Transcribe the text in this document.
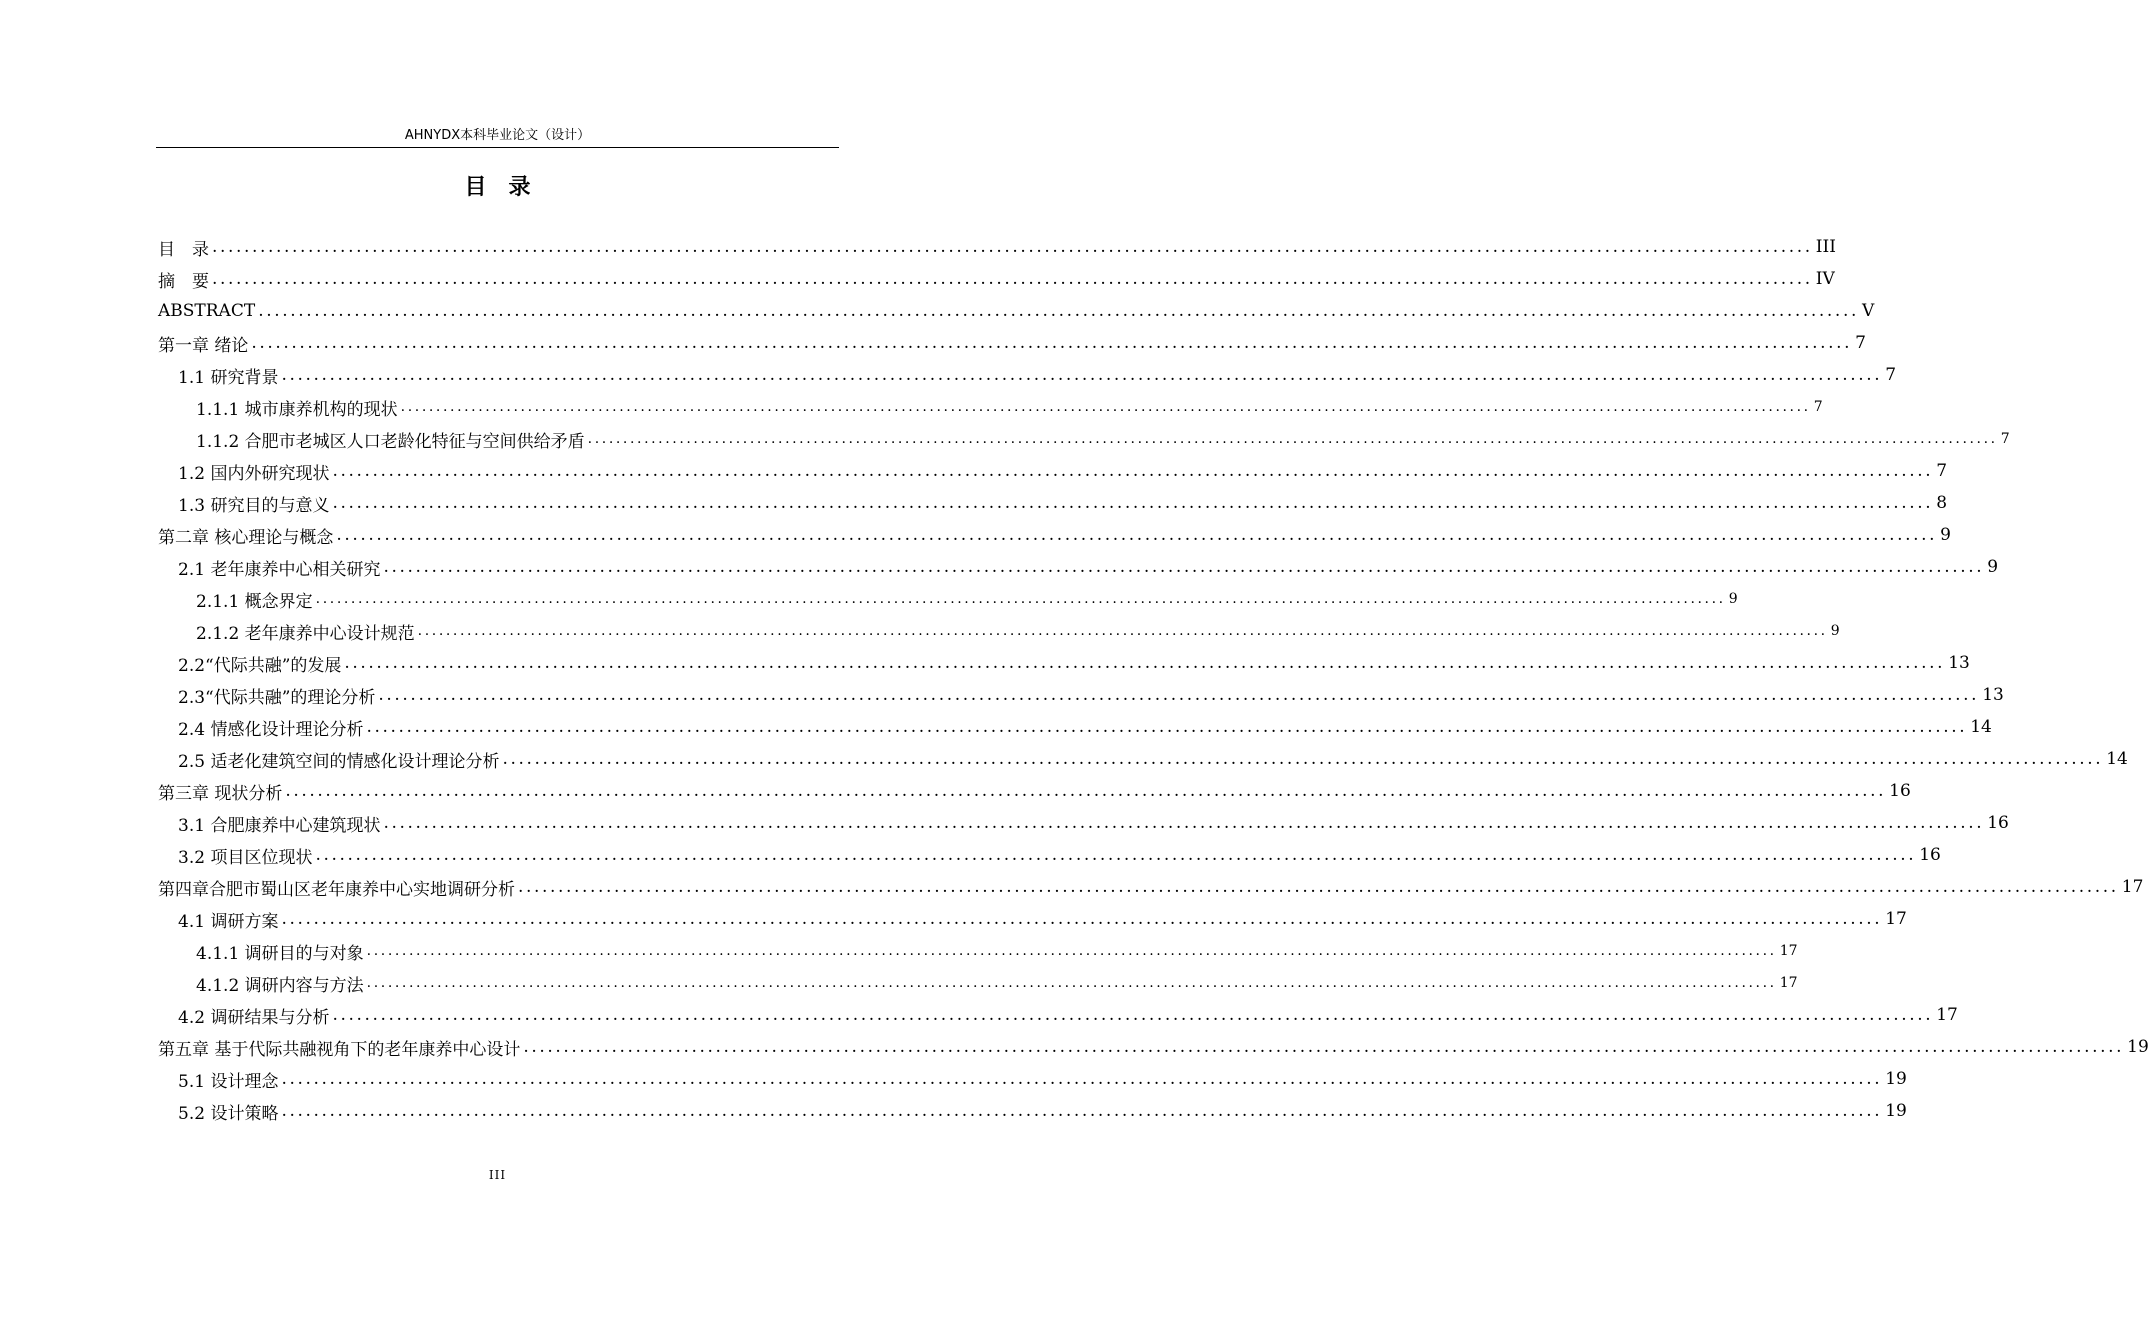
AHNYDX本科毕业论文（设计）
目　录
目　录 ........................................................................................................................................................................................................ III
摘　要 ........................................................................................................................................................................................................ IV
ABSTRACT ........................................................................................................................................................................................................ V
第一章 绪论 ........................................................................................................................................................................................................ 7
1.1 研究背景 ........................................................................................................................................................................................................ 7
1.1.1 城市康养机构的现状 ........................................................................................................................................................................................................ 7
1.1.2 合肥市老城区人口老龄化特征与空间供给矛盾 ........................................................................................................................................................................................................ 7
1.2 国内外研究现状 ........................................................................................................................................................................................................ 7
1.3 研究目的与意义 ........................................................................................................................................................................................................ 8
第二章 核心理论与概念 ........................................................................................................................................................................................................ 9
2.1 老年康养中心相关研究 ........................................................................................................................................................................................................ 9
2.1.1 概念界定 ........................................................................................................................................................................................................ 9
2.1.2 老年康养中心设计规范 ........................................................................................................................................................................................................ 9
2.2“代际共融”的发展 ........................................................................................................................................................................................................ 13
2.3“代际共融”的理论分析 ........................................................................................................................................................................................................ 13
2.4 情感化设计理论分析 ........................................................................................................................................................................................................ 14
2.5 适老化建筑空间的情感化设计理论分析 ........................................................................................................................................................................................................ 14
第三章 现状分析 ........................................................................................................................................................................................................ 16
3.1 合肥康养中心建筑现状 ........................................................................................................................................................................................................ 16
3.2 项目区位现状 ........................................................................................................................................................................................................ 16
第四章合肥市蜀山区老年康养中心实地调研分析 ........................................................................................................................................................................................................ 17
4.1 调研方案 ........................................................................................................................................................................................................ 17
4.1.1 调研目的与对象 ........................................................................................................................................................................................................ 17
4.1.2 调研内容与方法 ........................................................................................................................................................................................................ 17
4.2 调研结果与分析 ........................................................................................................................................................................................................ 17
第五章 基于代际共融视角下的老年康养中心设计 ........................................................................................................................................................................................................ 19
5.1 设计理念 ........................................................................................................................................................................................................ 19
5.2 设计策略 ........................................................................................................................................................................................................ 19
III
